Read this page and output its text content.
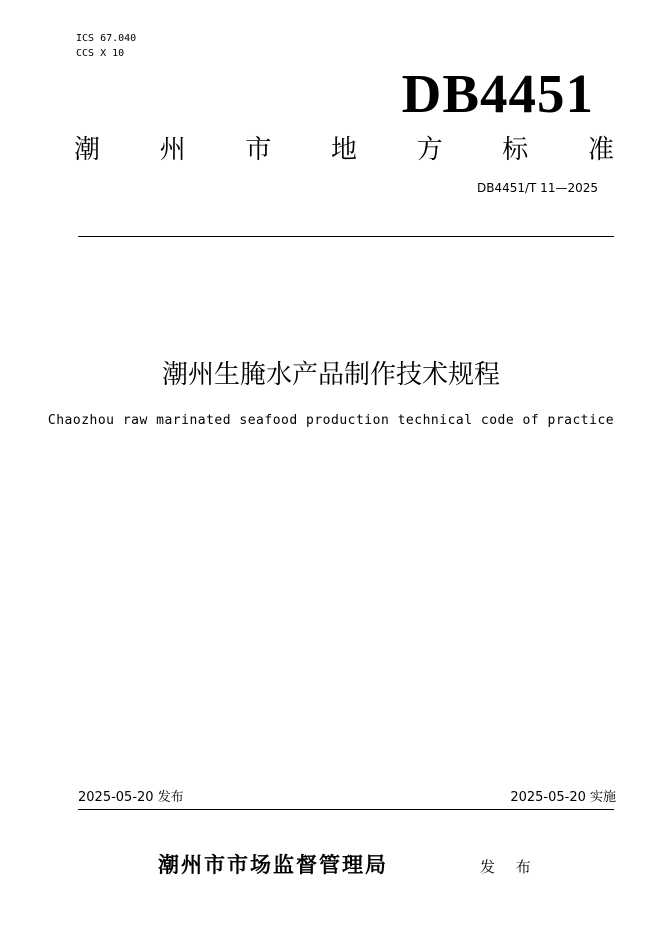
ICS 67.040
CCS X 10
DB4451
潮 州 市 地 方 标 准
DB4451/T 11—2025
潮州生腌水产品制作技术规程
Chaozhou raw marinated seafood production technical code of practice
2025-05-20 发布	2025-05-20 实施
潮州市市场监督管理局	发 布
